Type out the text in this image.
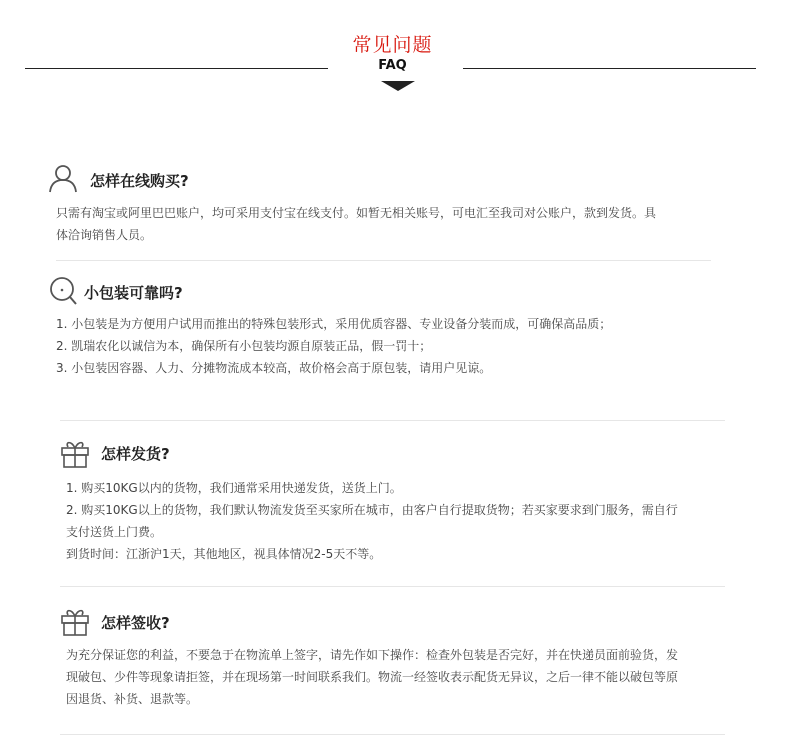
常见问题
FAQ
怎样在线购买?

只需有淘宝或阿里巴巴账户，均可采用支付宝在线支付。如暂无相关账号，可电汇至我司对公账户，款到发货。具

体洽询销售人员。

小包装可靠吗?

1. 小包装是为方便用户试用而推出的特殊包装形式，采用优质容器、专业设备分装而成，可确保高品质；

2. 凯瑞农化以诚信为本，确保所有小包装均源自原装正品，假一罚十；

3. 小包装因容器、人力、分摊物流成本较高，故价格会高于原包装，请用户见谅。

怎样发货?

1. 购买10KG以内的货物，我们通常采用快递发货，送货上门。

2. 购买10KG以上的货物，我们默认物流发货至买家所在城市，由客户自行提取货物；若买家要求到门服务，需自行

支付送货上门费。

到货时间：江浙沪1天，其他地区，视具体情况2-5天不等。

怎样签收?

为充分保证您的利益，不要急于在物流单上签字，请先作如下操作：检查外包装是否完好，并在快递员面前验货，发

现破包、少件等现象请拒签，并在现场第一时间联系我们。物流一经签收表示配货无异议，之后一律不能以破包等原

因退货、补货、退款等。
